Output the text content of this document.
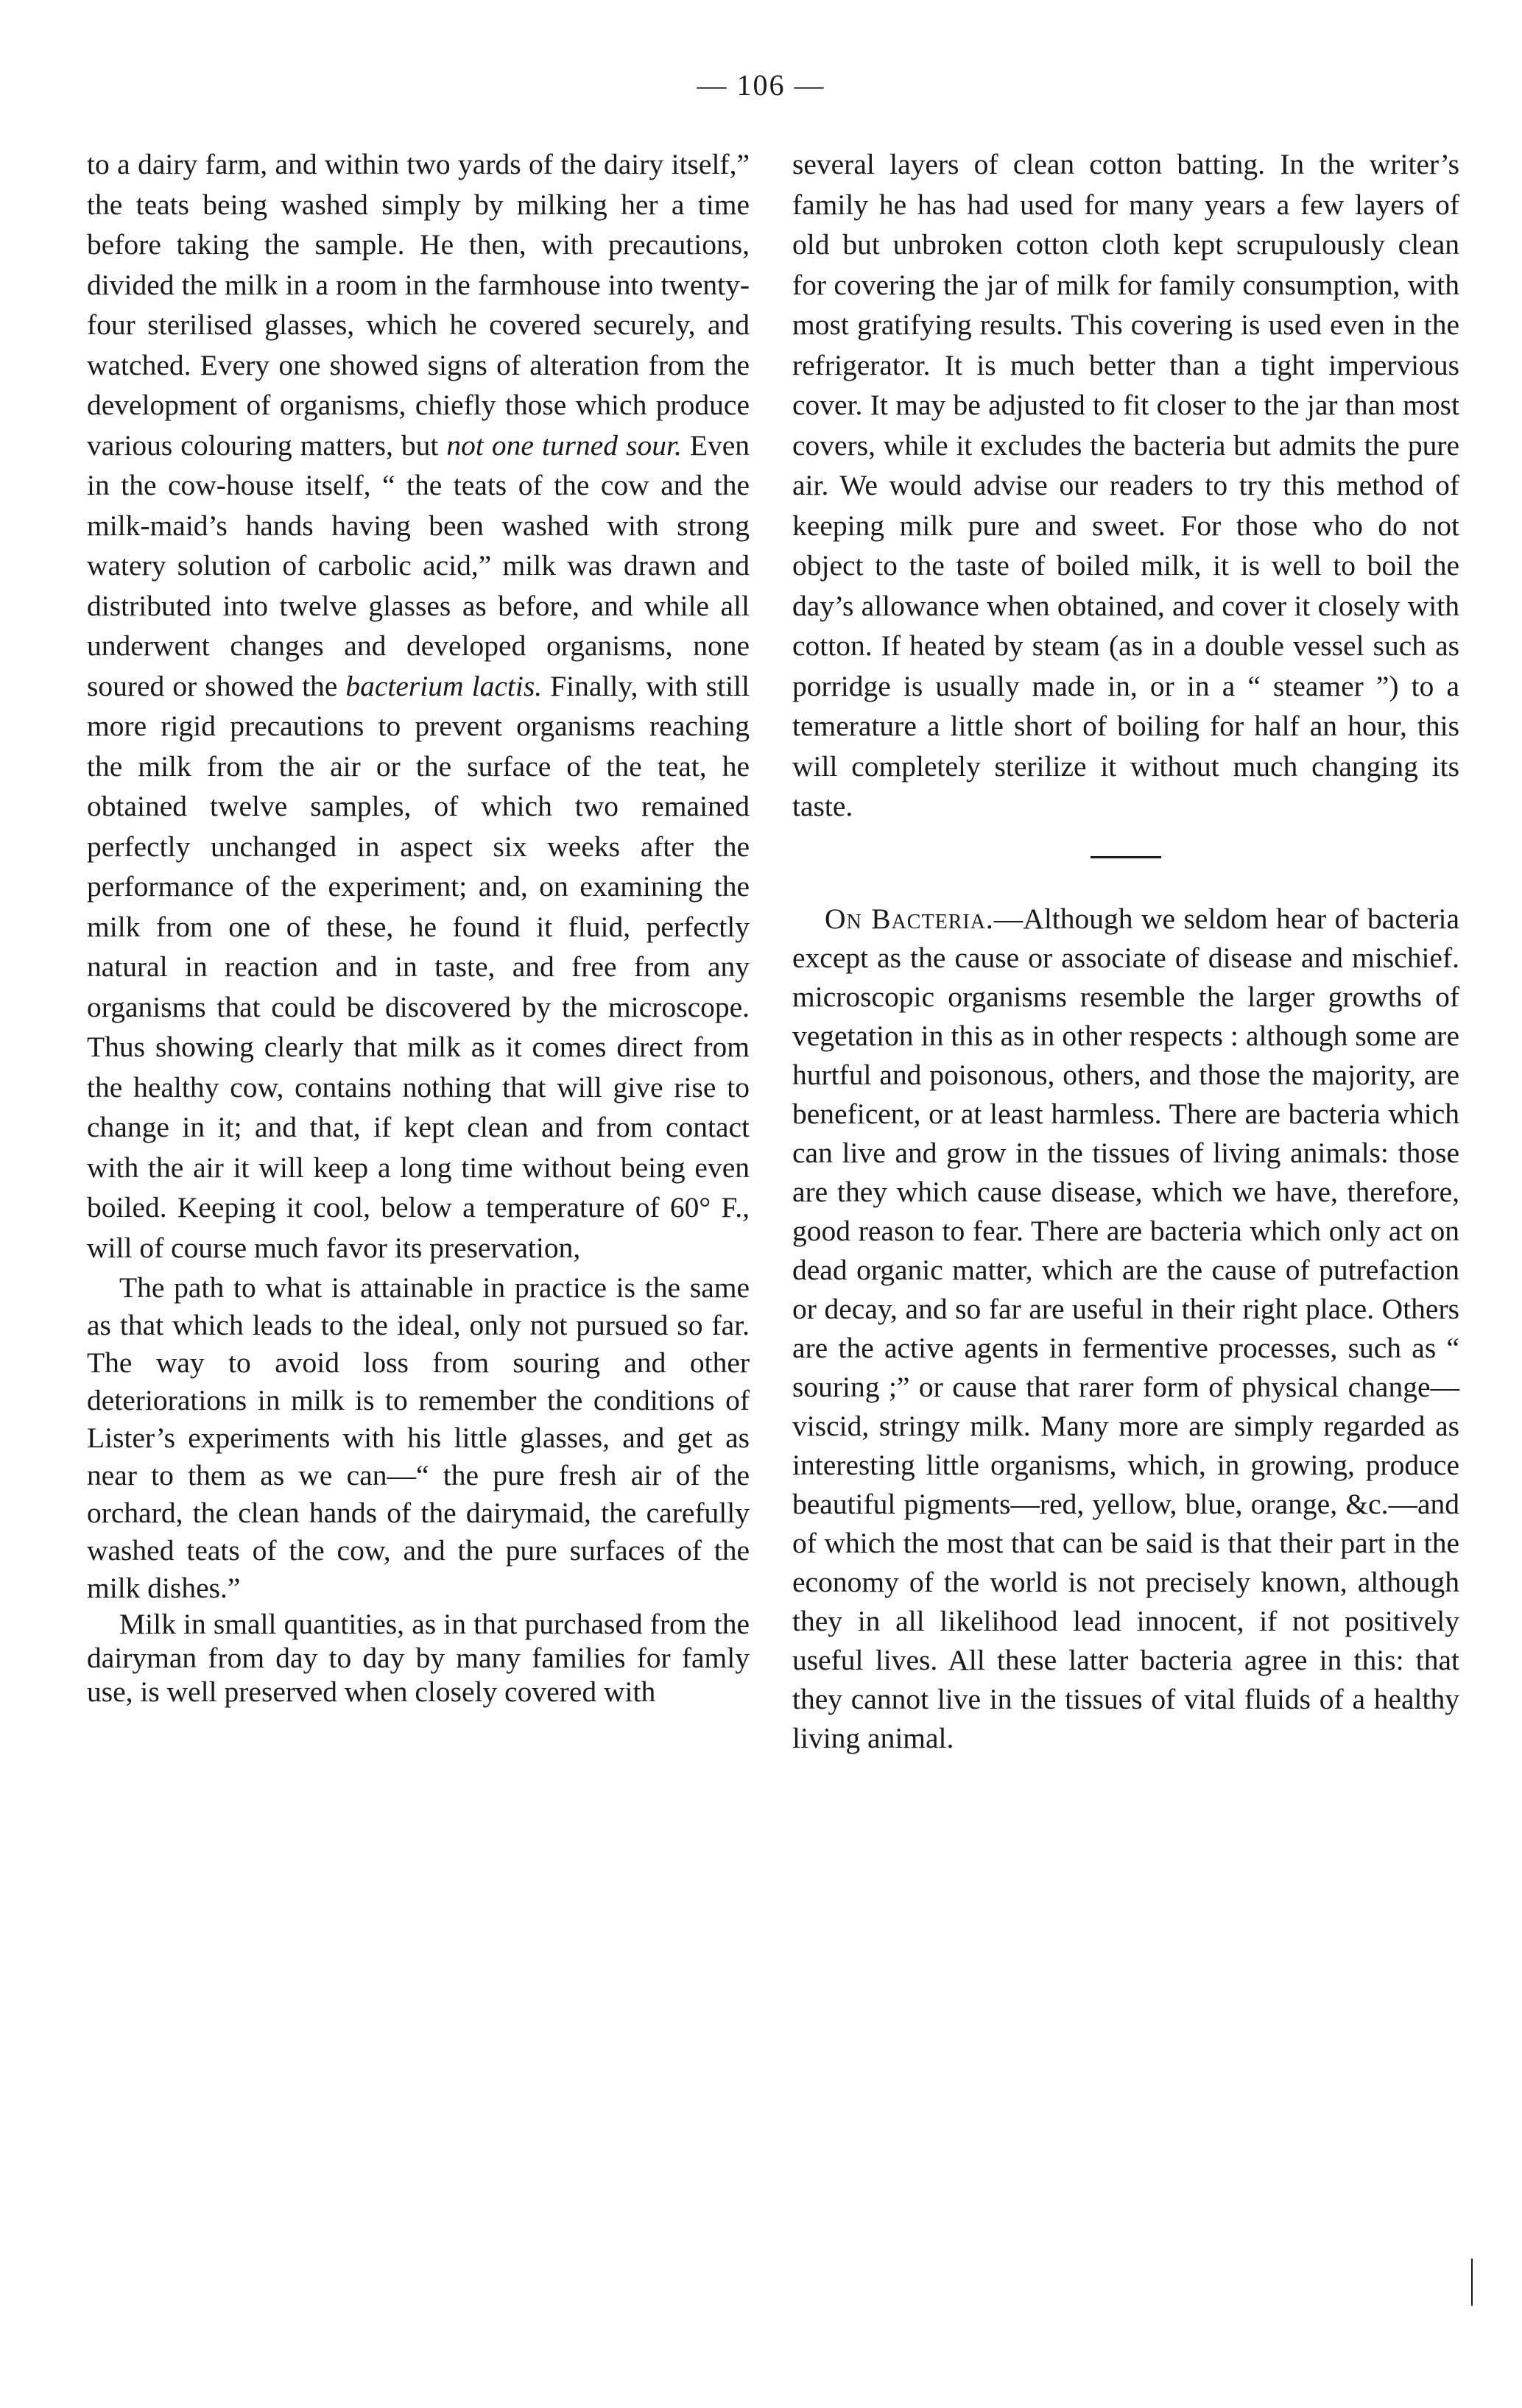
— 106 —

to a dairy farm, and within two yards of the dairy itself,” the teats being washed simply by milking her a time before taking the sample. He then, with precautions, divided the milk in a room in the farmhouse into twenty-four sterilised glasses, which he covered securely, and watched. Every one showed signs of alteration from the development of organisms, chiefly those which produce various colouring matters, but not one turned sour. Even in the cow-house itself, “ the teats of the cow and the milk-maid’s hands having been washed with strong watery solution of carbolic acid,” milk was drawn and distributed into twelve glasses as before, and while all underwent changes and developed organisms, none soured or showed the bacterium lactis. Finally, with still more rigid precautions to prevent organisms reaching the milk from the air or the surface of the teat, he obtained twelve samples, of which two remained perfectly unchanged in aspect six weeks after the performance of the experiment; and, on examining the milk from one of these, he found it fluid, perfectly natural in reaction and in taste, and free from any organisms that could be discovered by the microscope. Thus showing clearly that milk as it comes direct from the healthy cow, contains nothing that will give rise to change in it; and that, if kept clean and from contact with the air it will keep a long time without being even boiled. Keeping it cool, below a temperature of 60° F., will of course much favor its preservation,

The path to what is attainable in practice is the same as that which leads to the ideal, only not pursued so far. The way to avoid loss from souring and other deteriorations in milk is to remember the conditions of Lister’s experiments with his little glasses, and get as near to them as we can—“ the pure fresh air of the orchard, the clean hands of the dairymaid, the carefully washed teats of the cow, and the pure surfaces of the milk dishes.”

Milk in small quantities, as in that purchased from the dairyman from day to day by many families for famly use, is well preserved when closely covered with

several layers of clean cotton batting. In the writer’s family he has had used for many years a few layers of old but unbroken cotton cloth kept scrupulously clean for covering the jar of milk for family consumption, with most gratifying results. This covering is used even in the refrigerator. It is much better than a tight impervious cover. It may be adjusted to fit closer to the jar than most covers, while it excludes the bacteria but admits the pure air. We would advise our readers to try this method of keeping milk pure and sweet. For those who do not object to the taste of boiled milk, it is well to boil the day’s allowance when obtained, and cover it closely with cotton. If heated by steam (as in a double vessel such as porridge is usually made in, or in a “ steamer ”) to a temerature a little short of boiling for half an hour, this will completely sterilize it without much changing its taste.

On Bacteria.—Although we seldom hear of bacteria except as the cause or associate of disease and mischief. microscopic organisms resemble the larger growths of vegetation in this as in other respects : although some are hurtful and poisonous, others, and those the majority, are beneficent, or at least harmless. There are bacteria which can live and grow in the tissues of living animals: those are they which cause disease, which we have, therefore, good reason to fear. There are bacteria which only act on dead organic matter, which are the cause of putrefaction or decay, and so far are useful in their right place. Others are the active agents in fermentive processes, such as “ souring ;” or cause that rarer form of physical change—viscid, stringy milk. Many more are simply regarded as interesting little organisms, which, in growing, produce beautiful pigments—red, yellow, blue, orange, &c.—and of which the most that can be said is that their part in the economy of the world is not precisely known, although they in all likelihood lead innocent, if not positively useful lives. All these latter bacteria agree in this: that they cannot live in the tissues of vital fluids of a healthy living animal.
